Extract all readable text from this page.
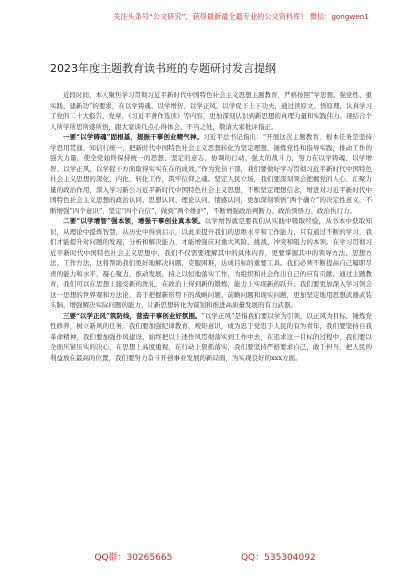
关注头条号“公文研究”，获得最新最全最专业的公文资料库！ 微信：gongwen1
2023年度主题教育读书班的专题研讨发言提纲

近段时间，本人聚焦学习贯彻习近平新时代中国特色社会主义思想主题教育，严格按照“学思想、强党性、重实践、建新功”的要求，在以学铸魂、以学增智、以学正风、以学促干上下功夫，通过读原文、悟原理，认真学习了党的二十大报告、党章、《习近平著作选读》等内容，更加深刻认识到新思想的真理力量和实践伟力。现结合个人所学所思所感所悟，跟大家谈几点心得体会，不当之处，敬请大家批评指正。

一要“以学铸魂”固根基，提振干事创业精气神。习近平总书记指出：“开展这次主题教育，根本任务是坚持学思用贯通、知信行统一，把新时代中国特色社会主义思想转化为坚定理想、锤炼党性和指导实践，推动工作的强大力量，使全党始终保持统一的思想、坚定的意志、协调的行动、强大的战斗力，努力在以学铸魂、以学增智、以学正风、以学促干方面取得实实在在的成效。”作为党员干部，我们要做好学习贯彻习近平新时代中国特色社会主义思想的深化、内化、转化工作，筑牢信仰之魂。坚定人民立场，我们要深刻领会把握党的人心、汇聚力量的政治作用，深入学习新公习近平新时代中国特色社会主义思想，不断坚定理想信念，增进对习近平新时代中国特色社会主义思想的政治认同、思想认同、理论认同、情感认同，更加深刻领悟“两个确立”的决定性意义，不断增强“四个意识”，坚定“四个自信”，做到“两个维护”，不断增强政治判断力、政治领悟力、政治执行力。

二要“以学增智”强本领，增强干事创业真本领。以学增智就是要我们从实践中吸取经验，从书本中获取知识，从理论中提炼智慧，从历史中得到启示，以此来提升我们的思维水平和工作能力，只有通过不断的学习，我们才能提升对问题的发现、分析和解决能力，才能增强应对重大风险、挑战、冲突和阻力的本领。在学习贯彻习近平新时代中国特色社会主义思想中，我们不仅需要理解其中的具体内容，更要掌握其中的领导方法、思想方法、工作方法，这将帮助我们更好地解决问题，克服困难，达成目标的重要工具。我们必须不断提高自己履职尽责的能力和水平，凝心聚力，推动发展。持之以恒地落实工作，为组织和社会作出自己的应有贡献。通过主题教育，我们可以在思想上接受新的洗礼，在政治上得到新的锻炼，能力上实现新的跃升。我们要更加深入学习领会这一思想的世界观和方法论，善于把握新形势下的战略问题、前瞻问题和现实问题，更加坚定地用思想武器武装头脑，增强解决实际问题的能力，让新思想转化为谋划和推进高质量发展的有力武器。

三要“以学正风”筑防线，营造干事创业好氛围。“以学正风”是指我们要以学为引领，以正风为目标，锤炼党性修养，树立新风的任务。我们要加强纪律教育，规矩意识，成为忠于党忠于人民的有为青年，我们要坚持自我革命精神，我们要加强作风建设，始终把以上述作风贯彻落实到工作中去，在追求这一目标的过程中，我们要以全面压紧压实的决心，在思想上高度重视，在行动上狠抓落实，我们要坚持严格要求自己，敢于担当，把人民的利益放在最高的位置，我们要努力奋斗开创事业发展的新局面，为实现良好的xxx方面。

QQ群：30265665	QQ：535304092
